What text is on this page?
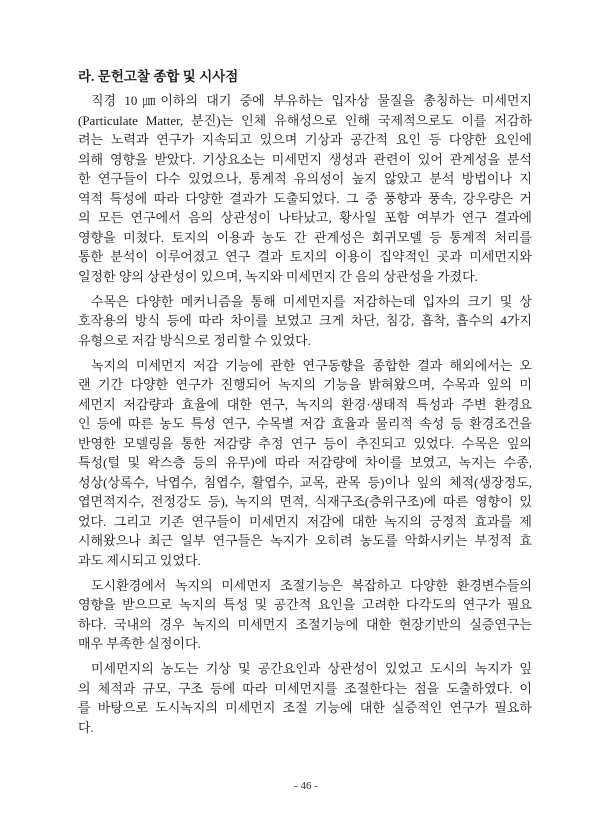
라. 문헌고찰 종합 및 시사점
직경 10㎛이하의 대기 중에 부유하는 입자상 물질을 총칭하는 미세먼지
(Particulate Matter, 분진)는 인체 유해성으로 인해 국제적으로도 이를 저감하
려는 노력과 연구가 지속되고 있으며 기상과 공간적 요인 등 다양한 요인에
의해 영향을 받았다. 기상요소는 미세먼지 생성과 관련이 있어 관계성을 분석
한 연구들이 다수 있었으나, 통계적 유의성이 높지 않았고 분석 방법이나 지
역적 특성에 따라 다양한 결과가 도출되었다. 그 중 풍향과 풍속, 강우량은 거
의 모든 연구에서 음의 상관성이 나타났고, 황사일 포함 여부가 연구 결과에
영향을 미쳤다. 토지의 이용과 농도 간 관계성은 회귀모델 등 통계적 처리를
통한 분석이 이루어졌고 연구 결과 토지의 이용이 집약적인 곳과 미세먼지와
일정한 양의 상관성이 있으며, 녹지와 미세먼지 간 음의 상관성을 가졌다.
수목은 다양한 메커니즘을 통해 미세먼지를 저감하는데 입자의 크기 및 상
호작용의 방식 등에 따라 차이를 보였고 크게 차단, 침강, 흡착, 흡수의 4가지
유형으로 저감 방식으로 정리할 수 있었다.
녹지의 미세먼지 저감 기능에 관한 연구동향을 종합한 결과 해외에서는 오
랜 기간 다양한 연구가 진행되어 녹지의 기능을 밝혀왔으며, 수목과 잎의 미
세먼지 저감량과 효율에 대한 연구, 녹지의 환경·생태적 특성과 주변 환경요
인 등에 따른 농도 특성 연구, 수목별 저감 효율과 물리적 속성 등 환경조건을
반영한 모델링을 통한 저감량 추정 연구 등이 추진되고 있었다. 수목은 잎의
특성(털 및 왁스층 등의 유무)에 따라 저감량에 차이를 보였고, 녹지는 수종,
성상(상록수, 낙엽수, 침엽수, 활엽수, 교목, 관목 등)이나 잎의 체적(생장정도,
엽면적지수, 전정강도 등), 녹지의 면적, 식재구조(층위구조)에 따른 영향이 있
었다. 그리고 기존 연구들이 미세먼지 저감에 대한 녹지의 긍정적 효과를 제
시해왔으나 최근 일부 연구들은 녹지가 오히려 농도를 악화시키는 부정적 효
과도 제시되고 있었다.
도시환경에서 녹지의 미세먼지 조절기능은 복잡하고 다양한 환경변수들의
영향을 받으므로 녹지의 특성 및 공간적 요인을 고려한 다각도의 연구가 필요
하다. 국내의 경우 녹지의 미세먼지 조절기능에 대한 현장기반의 실증연구는
매우 부족한 실정이다.
미세먼지의 농도는 기상 및 공간요인과 상관성이 있었고 도시의 녹지가 잎
의 체적과 규모, 구조 등에 따라 미세먼지를 조절한다는 점을 도출하였다. 이
를 바탕으로 도시녹지의 미세먼지 조절 기능에 대한 실증적인 연구가 필요하
다.
- 46 -
